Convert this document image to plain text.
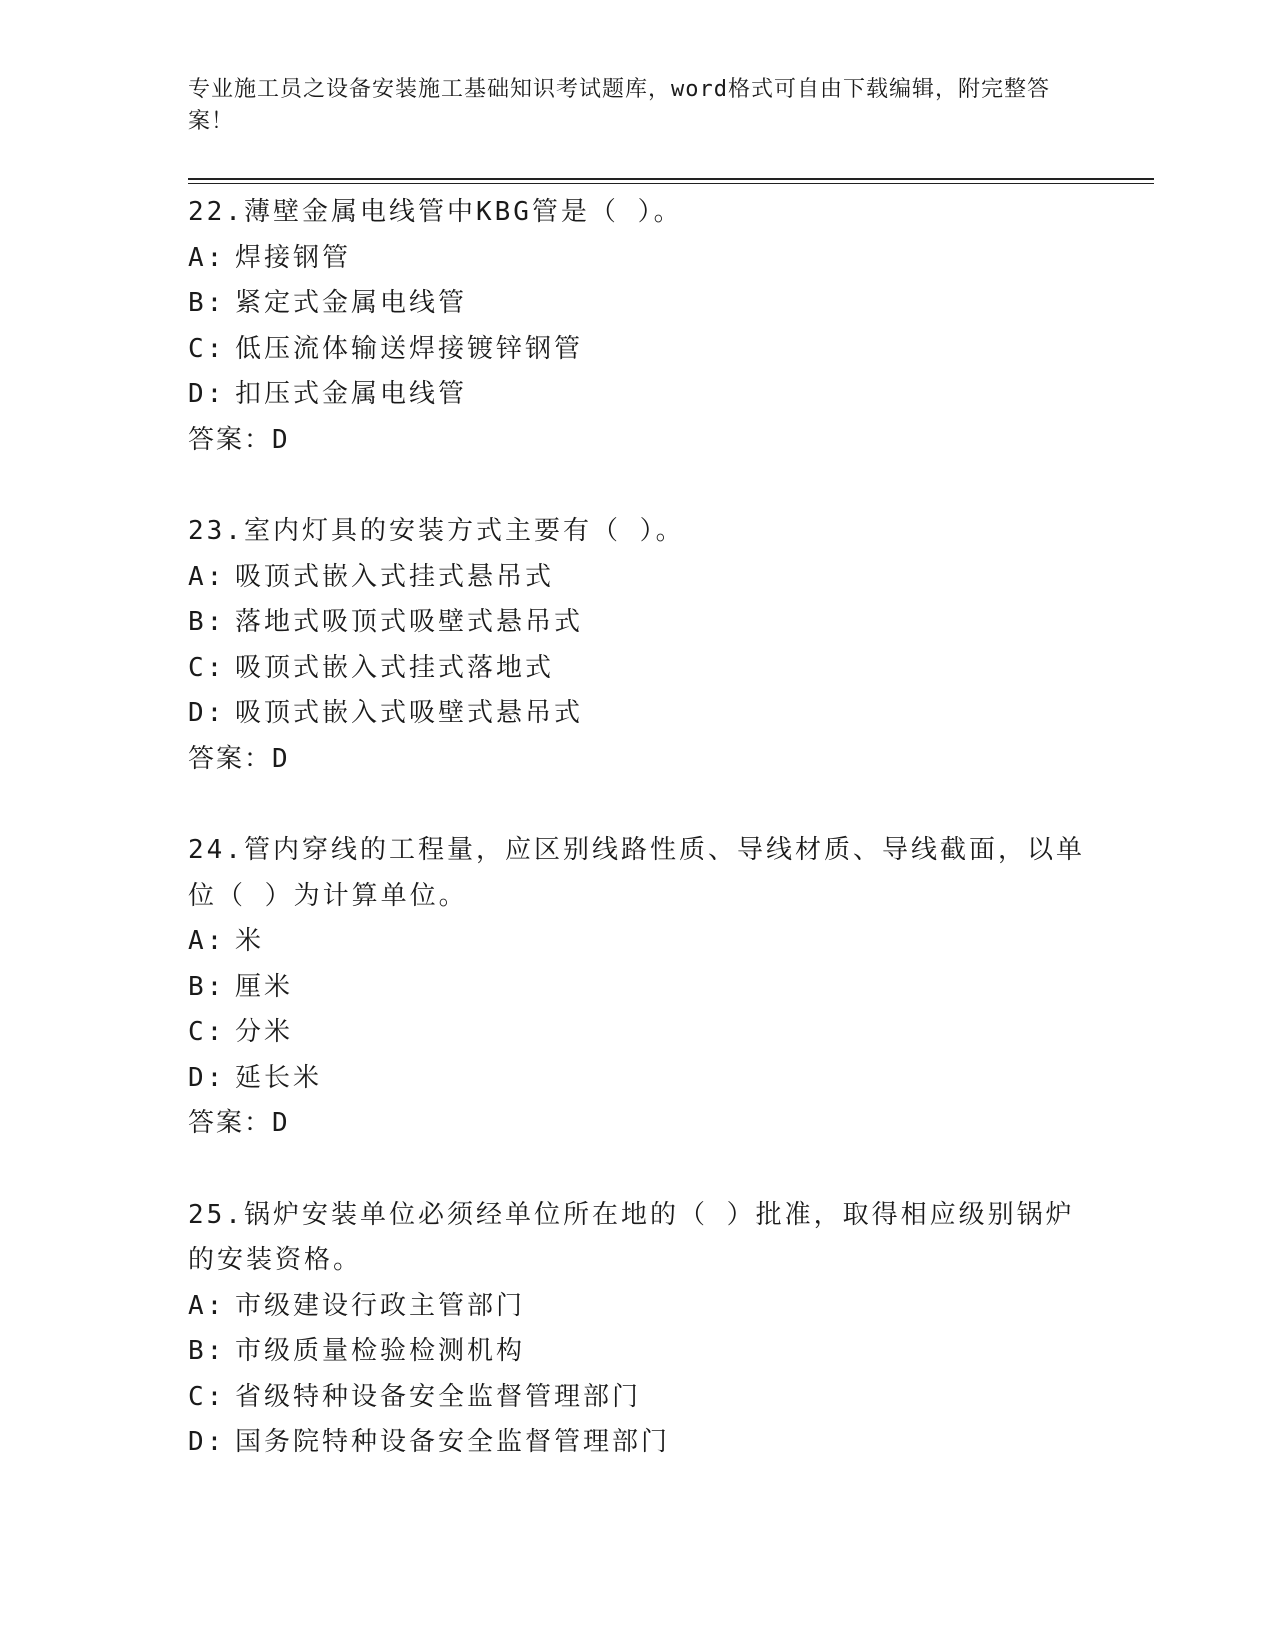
专业施工员之设备安装施工基础知识考试题库，word格式可自由下载编辑，附完整答案！
22.薄壁金属电线管中KBG管是（ ）。
A: 焊接钢管
B: 紧定式金属电线管
C: 低压流体输送焊接镀锌钢管
D: 扣压式金属电线管
答案：D
23.室内灯具的安装方式主要有（ ）。
A: 吸顶式嵌入式挂式悬吊式
B: 落地式吸顶式吸壁式悬吊式
C: 吸顶式嵌入式挂式落地式
D: 吸顶式嵌入式吸壁式悬吊式
答案：D
24.管内穿线的工程量，应区别线路性质、导线材质、导线截面，以单位（ ）为计算单位。
A: 米
B: 厘米
C: 分米
D: 延长米
答案：D
25.锅炉安装单位必须经单位所在地的（ ）批准，取得相应级别锅炉的安装资格。
A: 市级建设行政主管部门
B: 市级质量检验检测机构
C: 省级特种设备安全监督管理部门
D: 国务院特种设备安全监督管理部门
